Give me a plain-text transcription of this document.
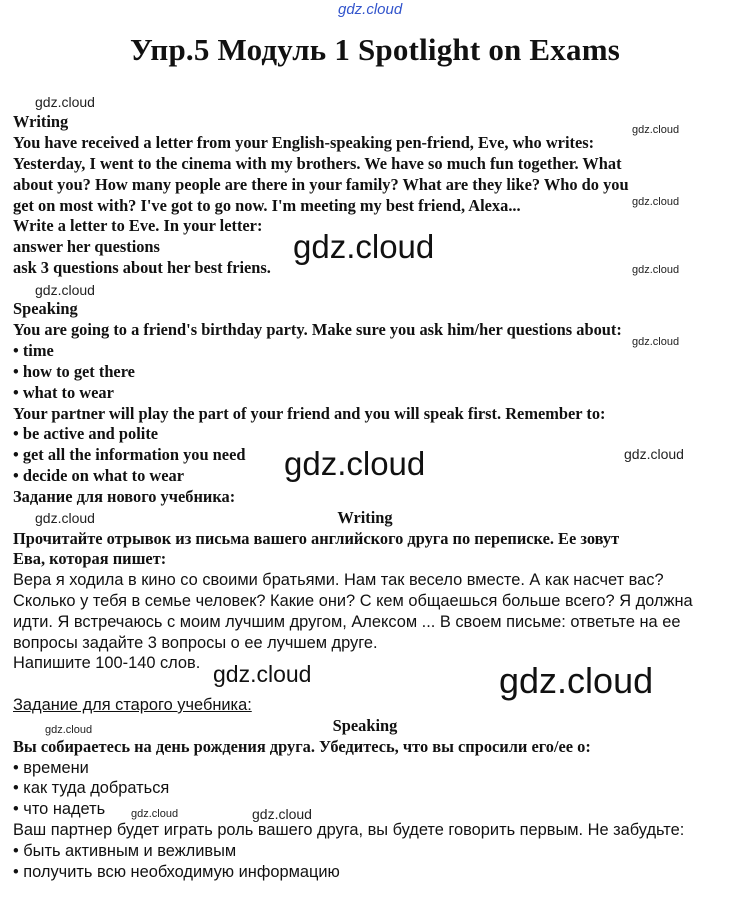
gdz.cloud
Упр.5 Модуль 1 Spotlight on Exams
Writing
You have received a letter from your English-speaking pen-friend, Eve, who writes:
Yesterday, I went to the cinema with my brothers. We have so much fun together. What
about you? How many people are there in your family? What are they like? Who do you
get on most with? I've got to go now. I'm meeting my best friend, Alexa...
Write a letter to Eve. In your letter:
answer her questions
ask 3 questions about her best friens.
Speaking
You are going to a friend's birthday party. Make sure you ask him/her questions about:
• time
• how to get there
• what to wear
Your partner will play the part of your friend and you will speak first. Remember to:
• be active and polite
• get all the information you need
• decide on what to wear
Задание для нового учебника:
Writing
Прочитайте отрывок из письма вашего английского друга по переписке. Ее зовут
Ева, которая пишет:
Вера я ходила в кино со своими братьями. Нам так весело вместе. А как насчет вас?
Сколько у тебя в семье человек? Какие они? С кем общаешься больше всего? Я должна
идти. Я встречаюсь с моим лучшим другом, Алексом ... В своем письме: ответьте на ее
вопросы задайте 3 вопросы о ее лучшем друге.
Напишите 100-140 слов.
Задание для старого учебника:
Speaking
Вы собираетесь на день рождения друга. Убедитесь, что вы спросили его/ее о:
• времени
• как туда добраться
• что надеть
Ваш партнер будет играть роль вашего друга, вы будете говорить первым. Не забудьте:
• быть активным и вежливым
• получить всю необходимую информацию
gdz.cloud
gdz.cloud
gdz.cloud
gdz.cloud
gdz.cloud
gdz.cloud
gdz.cloud
gdz.cloud	gdz.cloud
gdz.cloud
gdz.cloud	gdz.cloud
gdz.cloud
gdz.cloud	gdz.cloud
